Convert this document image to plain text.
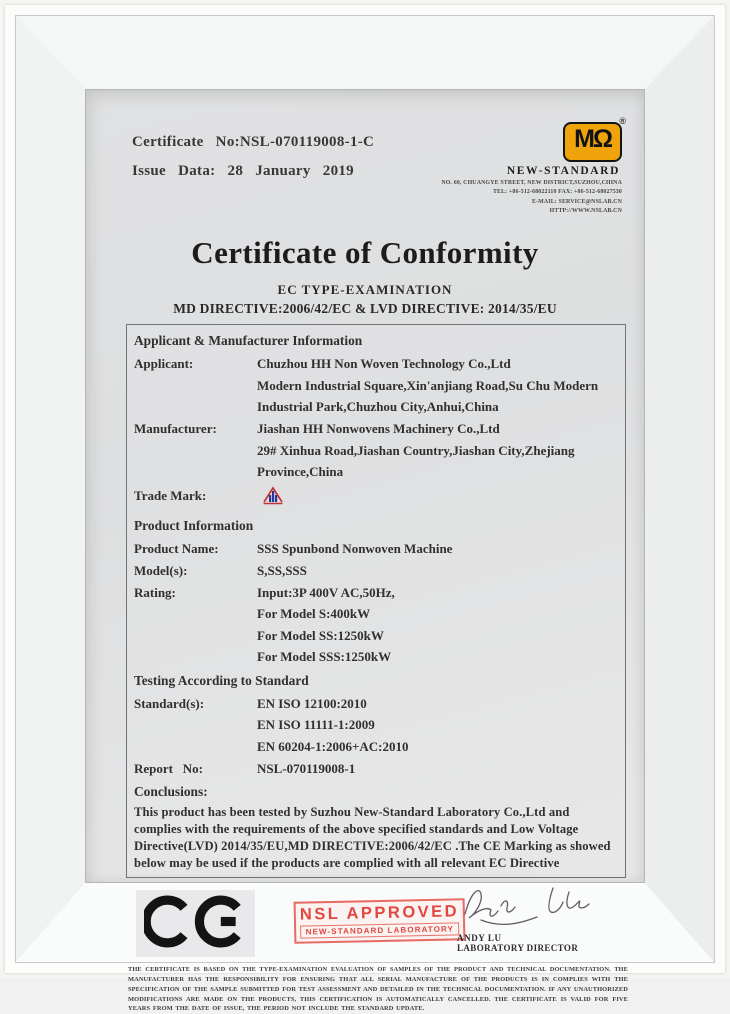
Certificate  No:NSL-070119008-1-C
Issue  Data:  28  January  2019
®
MΩ
NEW-STANDARD
NO. 60, CHUANGYE STREET, NEW DISTRICT,SUZHOU,CHINA
TEL: +86-512-68022110 FAX: +86-512-68027530
E-MAIL: SERVICE@NSLAB.CN
HTTP://WWW.NSLAB.CN
Certificate of Conformity
EC TYPE-EXAMINATION
MD DIRECTIVE:2006/42/EC & LVD DIRECTIVE: 2014/35/EU
Applicant & Manufacturer Information
Applicant:	Chuzhou HH Non Woven Technology Co.,Ltd
Modern Industrial Square,Xin'anjiang Road,Su Chu Modern Industrial Park,Chuzhou City,Anhui,China
Manufacturer:	Jiashan HH Nonwovens Machinery Co.,Ltd
29# Xinhua Road,Jiashan Country,Jiashan City,Zhejiang Province,China
Trade Mark:
Product Information
Product Name:	SSS Spunbond Nonwoven Machine
Model(s):	S,SS,SSS
Rating:	Input:3P 400V AC,50Hz,
For Model S:400kW
For Model SS:1250kW
For Model SSS:1250kW
Testing According to Standard
Standard(s):	EN ISO 12100:2010
EN ISO 11111-1:2009
EN 60204-1:2006+AC:2010
Report   No:	NSL-070119008-1
Conclusions:
This product has been tested by Suzhou New-Standard Laboratory Co.,Ltd and complies with the requirements of the above specified standards and Low Voltage Directive(LVD) 2014/35/EU,MD DIRECTIVE:2006/42/EC .The CE Marking as showed below may be used if the products are complied with all relevant EC Directive
NSL APPROVED
NEW-STANDARD LABORATORY
ANDY LU
LABORATORY DIRECTOR
THE CERTIFICATE IS BASED ON THE TYPE-EXAMINATION EVALUATION OF SAMPLES OF THE PRODUCT AND TECHNICAL DOCUMENTATION. THE MANUFACTURER HAS THE RESPONSIBILITY FOR ENSURING THAT ALL SERIAL MANUFACTURE OF THE PRODUCTS IS IN COMPLIES WITH THE SPECIFICATION OF THE SAMPLE SUBMITTED FOR TEST ASSESSMENT AND DETAILED IN THE TECHNICAL DOCUMENTATION. IF ANY UNAUTHORIZED MODIFICATIONS ARE MADE ON THE PRODUCTS, THIS CERTIFICATION IS AUTOMATICALLY CANCELLED. THE CERTIFICATE IS VALID FOR FIVE YEARS FROM THE DATE OF ISSUE, THE PERIOD NOT INCLUDE THE STANDARD UPDATE.
